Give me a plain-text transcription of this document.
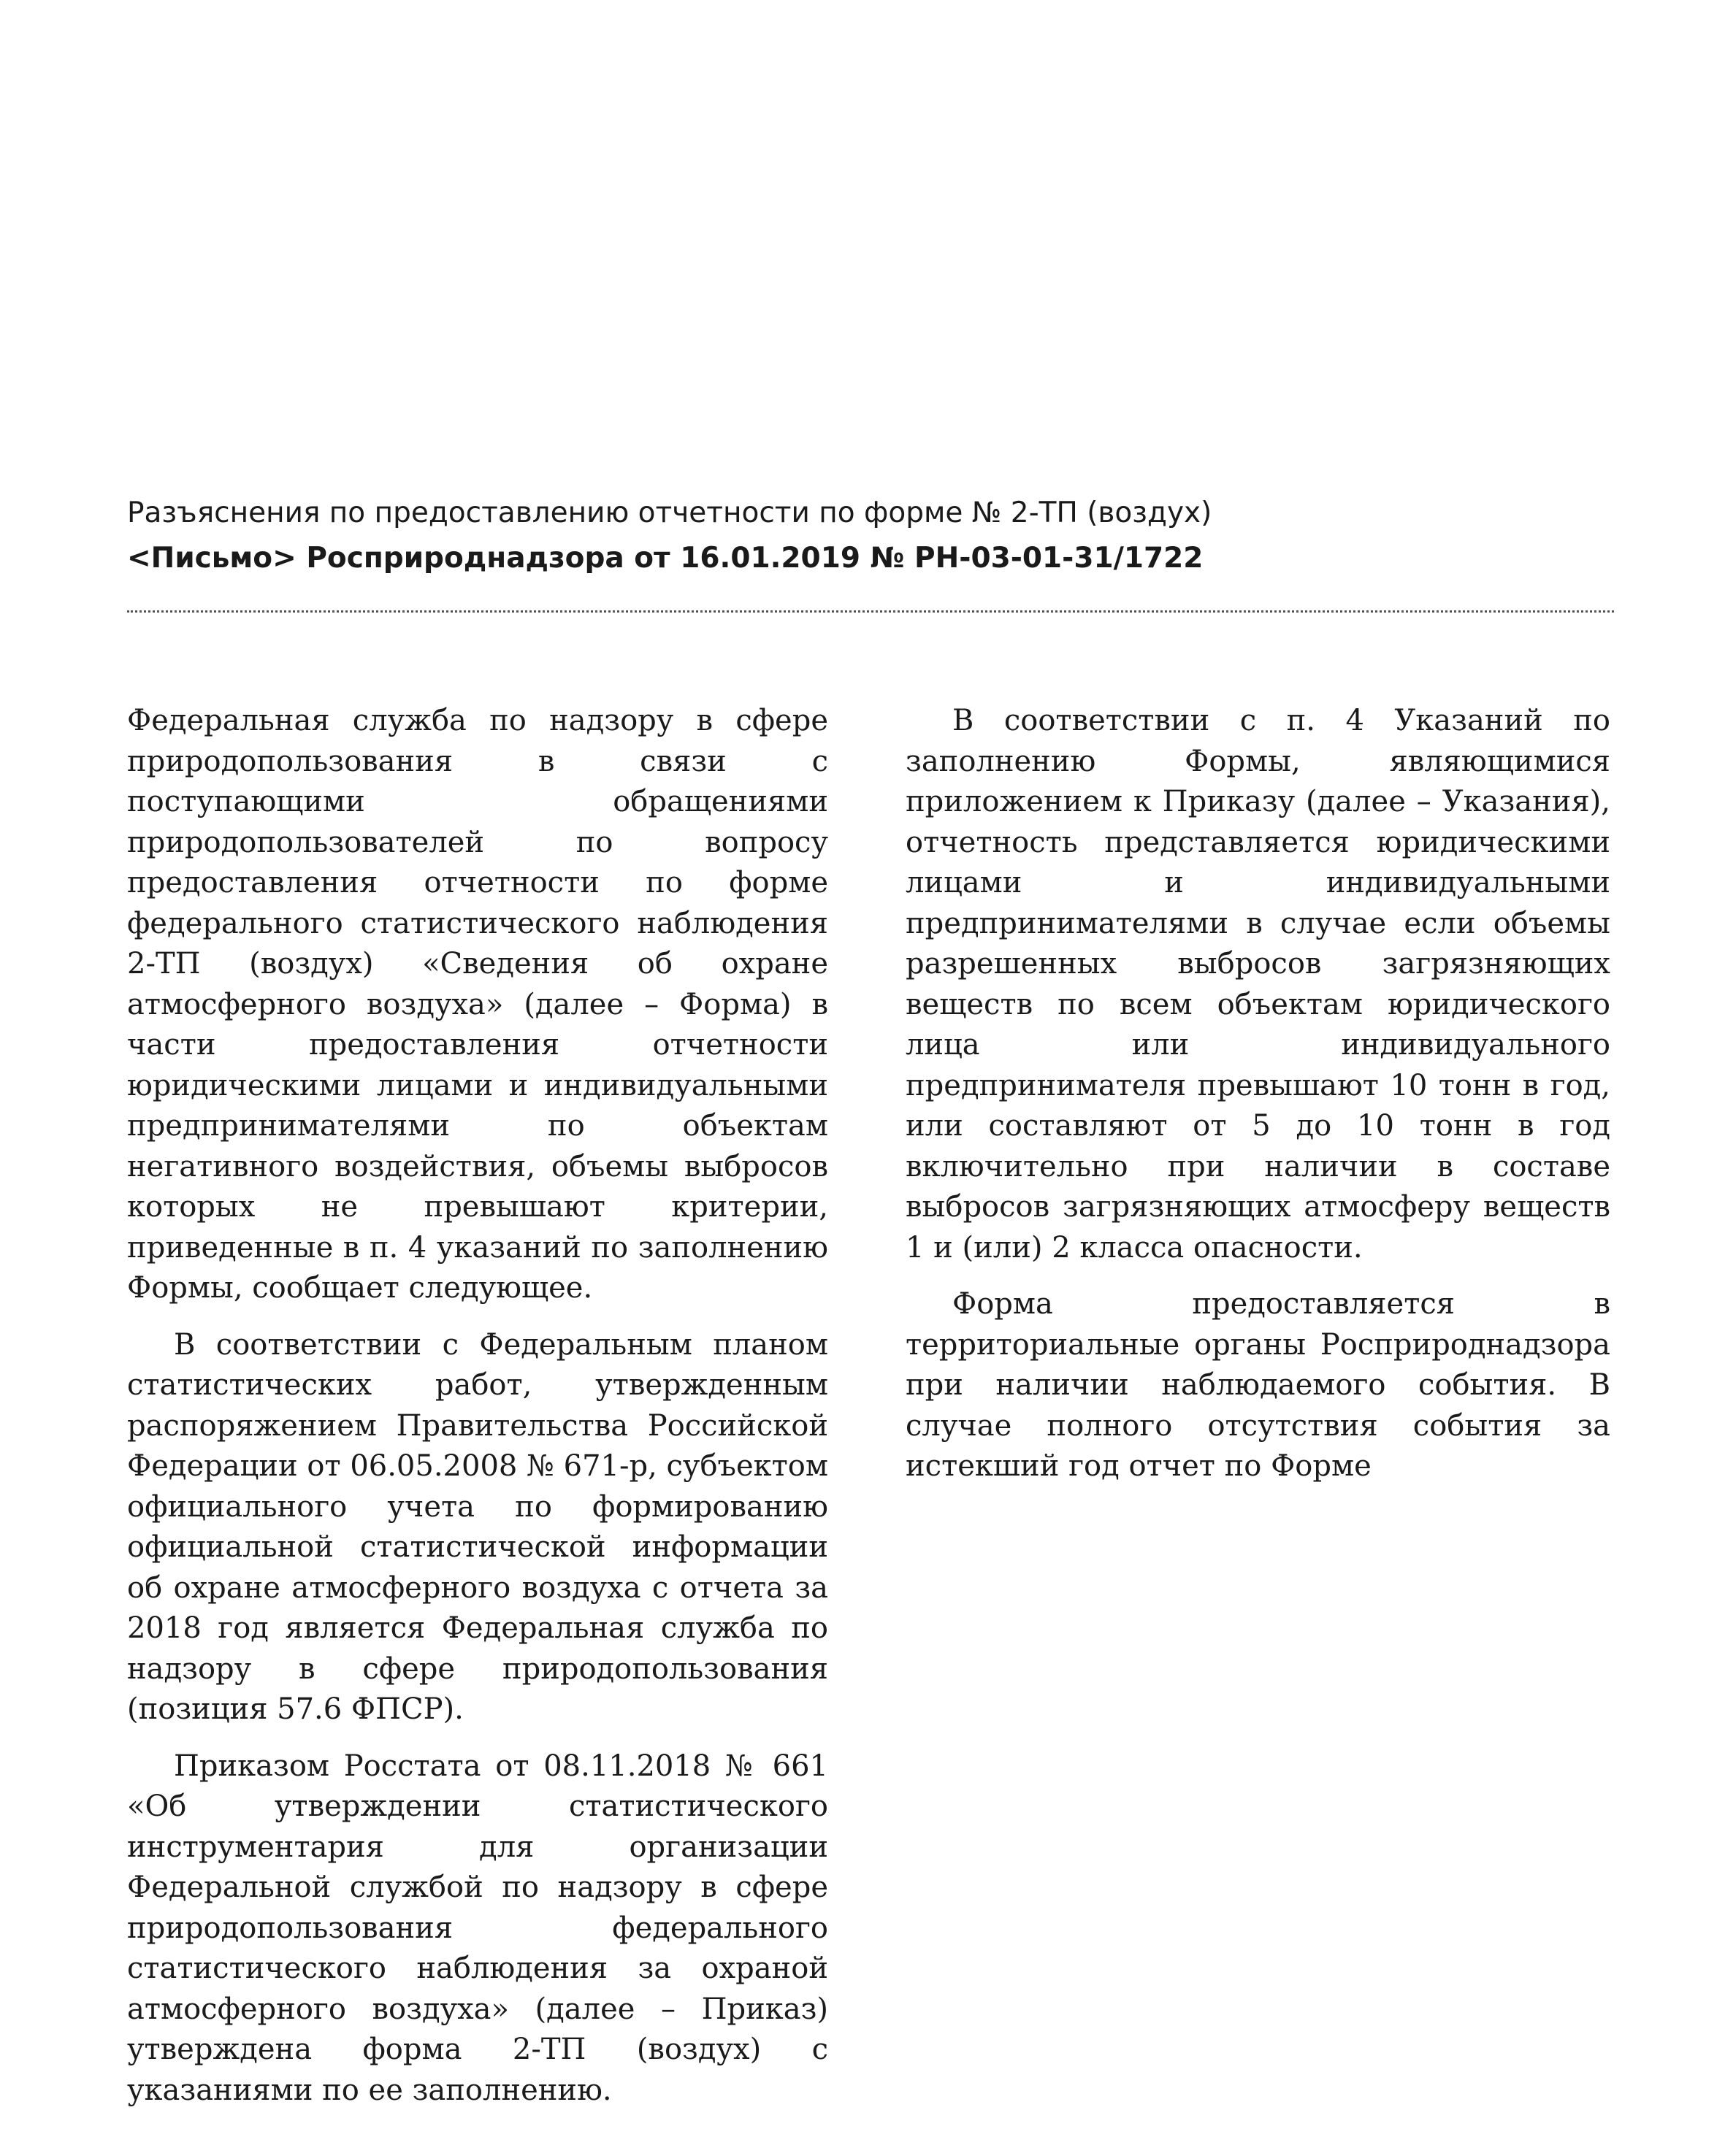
Разъяснения по предоставлению отчетности по форме № 2-ТП (воздух)
<Письмо> Росприроднадзора от 16.01.2019 № РН-03-01-31/1722

Федеральная служба по надзору в сфере природопользования в связи с поступающими обращениями природопользователей по вопросу предоставления отчетности по форме федерального статистического наблюдения 2-ТП (воздух) «Сведения об охране атмосферного воздуха» (далее – Форма) в части предоставления отчетности юридическими лицами и индивидуальными предпринимателями по объектам негативного воздействия, объемы выбросов которых не превышают критерии, приведенные в п. 4 указаний по заполнению Формы, сообщает следующее.

В соответствии с Федеральным планом статистических работ, утвержденным распоряжением Правительства Российской Федерации от 06.05.2008 № 671-р, субъектом официального учета по формированию официальной статистической информации об охране атмосферного воздуха с отчета за 2018 год является Федеральная служба по надзору в сфере природопользования (позиция 57.6 ФПСР).

Приказом Росстата от 08.11.2018 № 661 «Об утверждении статистического инструментария для организации Федеральной службой по надзору в сфере природопользования федерального статистического наблюдения за охраной атмосферного воздуха» (далее – Приказ) утверждена форма 2-ТП (воздух) с указаниями по ее заполнению.

В соответствии с п. 4 Указаний по заполнению Формы, являющимися приложением к Приказу (далее – Указания), отчетность представляется юридическими лицами и индивидуальными предпринимателями в случае если объемы разрешенных выбросов загрязняющих веществ по всем объектам юридического лица или индивидуального предпринимателя превышают 10 тонн в год, или составляют от 5 до 10 тонн в год включительно при наличии в составе выбросов загрязняющих атмосферу веществ 1 и (или) 2 класса опасности.

Форма предоставляется в территориальные органы Росприроднадзора при наличии наблюдаемого события. В случае полного отсутствия события за истекший год отчет по Форме
